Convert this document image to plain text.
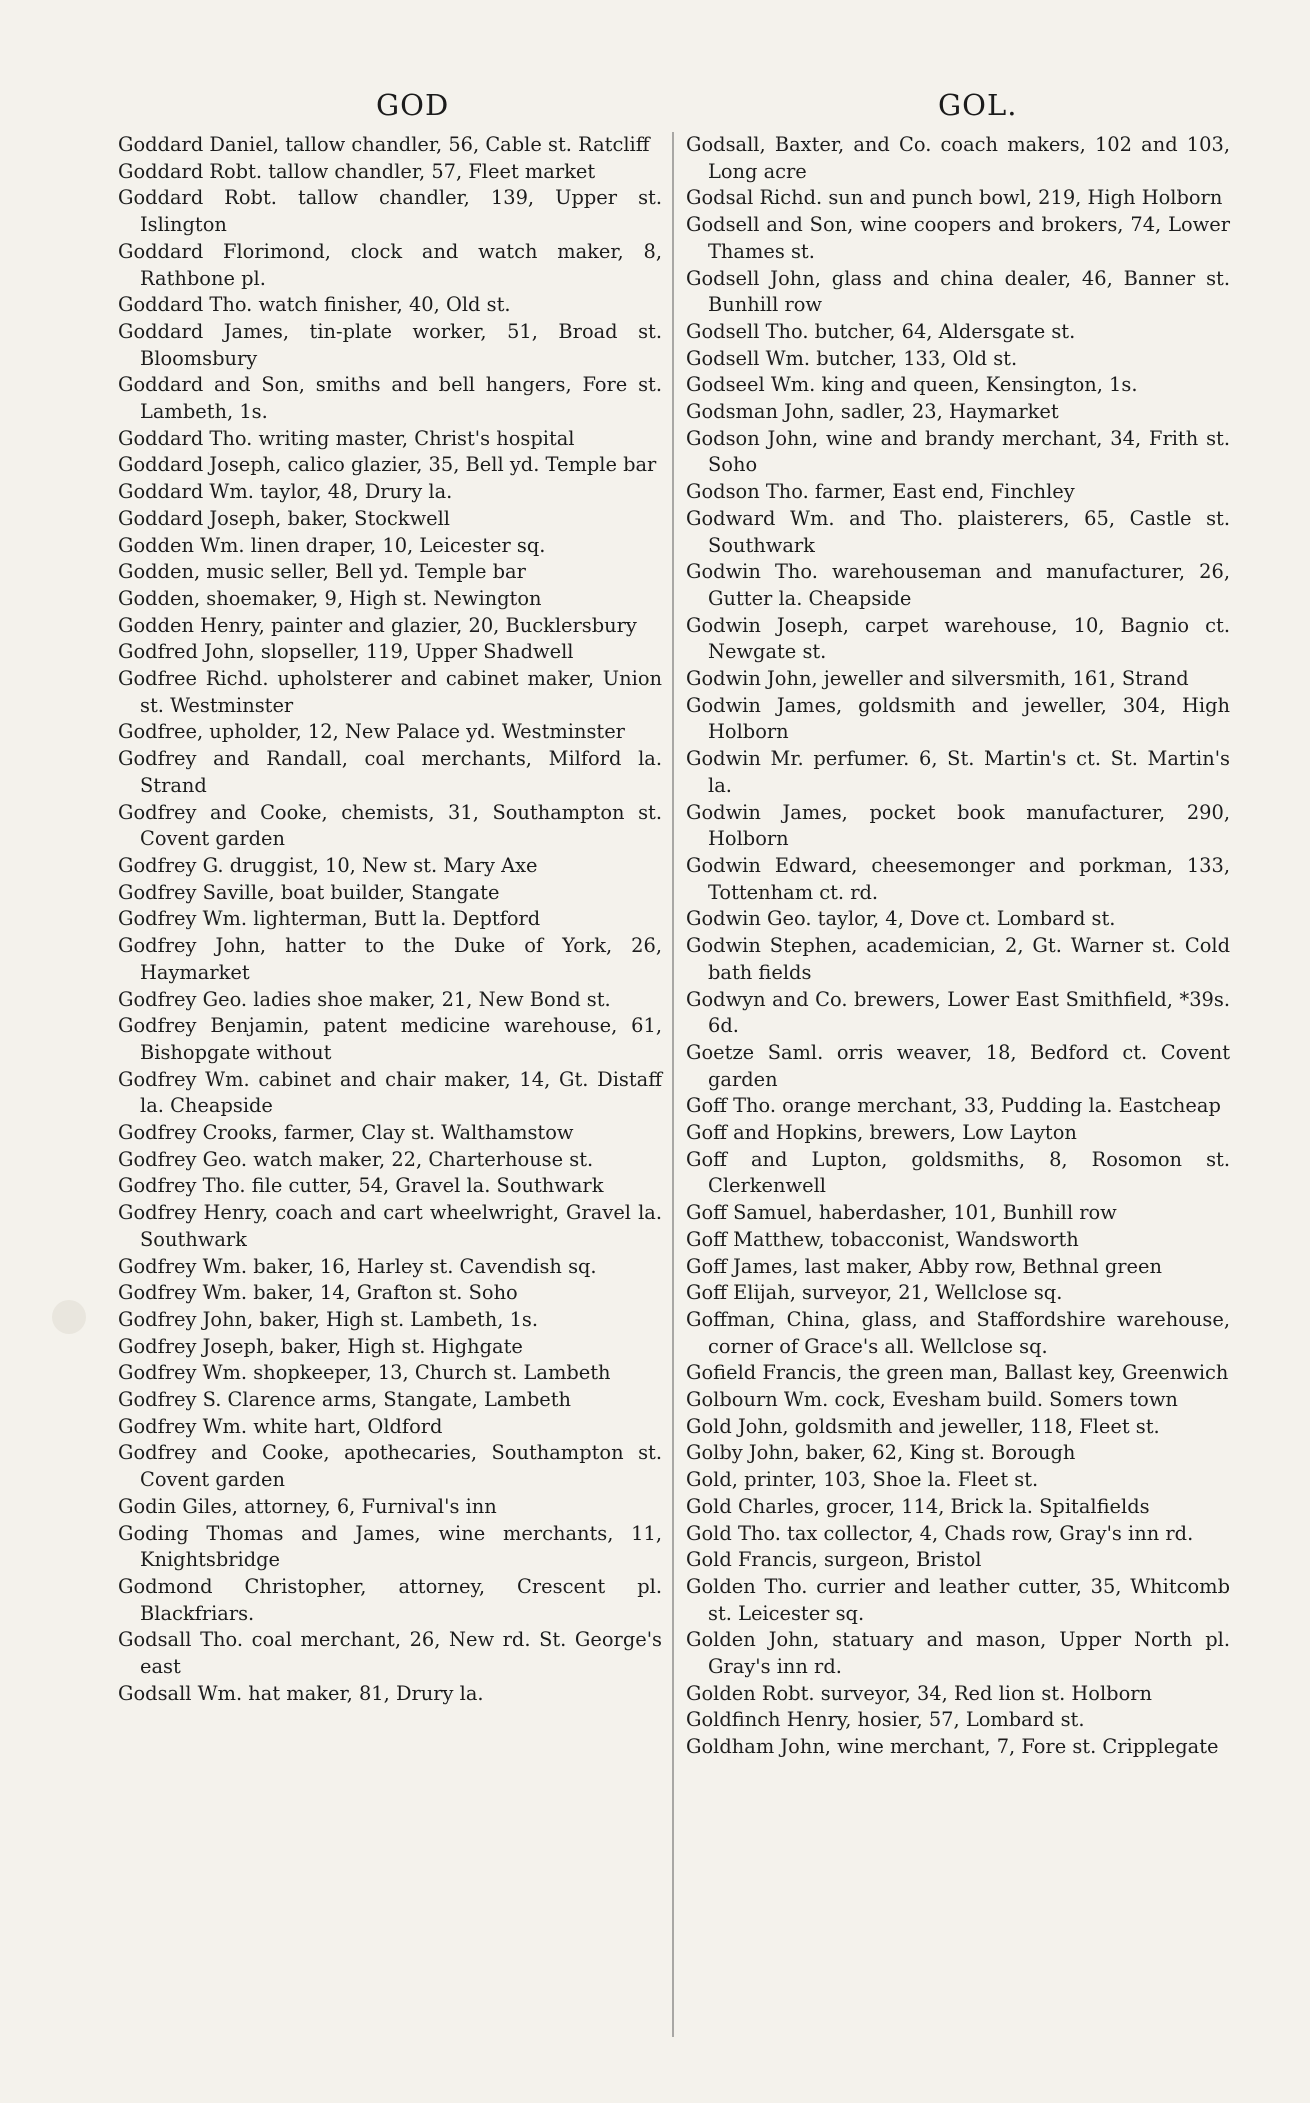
GOD	GOL.
Goddard Daniel, tallow chandler, 56, Cable st. Ratcliff
Goddard Robt. tallow chandler, 57, Fleet market
Goddard Robt. tallow chandler, 139, Upper st. Islington
Goddard Florimond, clock and watch maker, 8, Rathbone pl.
Goddard Tho. watch finisher, 40, Old st.
Goddard James, tin-plate worker, 51, Broad st. Bloomsbury
Goddard and Son, smiths and bell hangers, Fore st. Lambeth, 1s.
Goddard Tho. writing master, Christ's hospital
Goddard Joseph, calico glazier, 35, Bell yd. Temple bar
Goddard Wm. taylor, 48, Drury la.
Goddard Joseph, baker, Stockwell
Godden Wm. linen draper, 10, Leicester sq.
Godden, music seller, Bell yd. Temple bar
Godden, shoemaker, 9, High st. Newington
Godden Henry, painter and glazier, 20, Bucklersbury
Godfred John, slopseller, 119, Upper Shadwell
Godfree Richd. upholsterer and cabinet maker, Union st. Westminster
Godfree, upholder, 12, New Palace yd. Westminster
Godfrey and Randall, coal merchants, Milford la. Strand
Godfrey and Cooke, chemists, 31, Southampton st. Covent garden
Godfrey G. druggist, 10, New st. Mary Axe
Godfrey Saville, boat builder, Stangate
Godfrey Wm. lighterman, Butt la. Deptford
Godfrey John, hatter to the Duke of York, 26, Haymarket
Godfrey Geo. ladies shoe maker, 21, New Bond st.
Godfrey Benjamin, patent medicine warehouse, 61, Bishopgate without
Godfrey Wm. cabinet and chair maker, 14, Gt. Distaff la. Cheapside
Godfrey Crooks, farmer, Clay st. Walthamstow
Godfrey Geo. watch maker, 22, Charterhouse st.
Godfrey Tho. file cutter, 54, Gravel la. Southwark
Godfrey Henry, coach and cart wheelwright, Gravel la. Southwark
Godfrey Wm. baker, 16, Harley st. Cavendish sq.
Godfrey Wm. baker, 14, Grafton st. Soho
Godfrey John, baker, High st. Lambeth, 1s.
Godfrey Joseph, baker, High st. Highgate
Godfrey Wm. shopkeeper, 13, Church st. Lambeth
Godfrey S. Clarence arms, Stangate, Lambeth
Godfrey Wm. white hart, Oldford
Godfrey and Cooke, apothecaries, Southampton st. Covent garden
Godin Giles, attorney, 6, Furnival's inn
Goding Thomas and James, wine merchants, 11, Knightsbridge
Godmond Christopher, attorney, Crescent pl. Blackfriars.
Godsall Tho. coal merchant, 26, New rd. St. George's east
Godsall Wm. hat maker, 81, Drury la.
Godsall, Baxter, and Co. coach makers, 102 and 103, Long acre
Godsal Richd. sun and punch bowl, 219, High Holborn
Godsell and Son, wine coopers and brokers, 74, Lower Thames st.
Godsell John, glass and china dealer, 46, Banner st. Bunhill row
Godsell Tho. butcher, 64, Aldersgate st.
Godsell Wm. butcher, 133, Old st.
Godseel Wm. king and queen, Kensington, 1s.
Godsman John, sadler, 23, Haymarket
Godson John, wine and brandy merchant, 34, Frith st. Soho
Godson Tho. farmer, East end, Finchley
Godward Wm. and Tho. plaisterers, 65, Castle st. Southwark
Godwin Tho. warehouseman and manufacturer, 26, Gutter la. Cheapside
Godwin Joseph, carpet warehouse, 10, Bagnio ct. Newgate st.
Godwin John, jeweller and silversmith, 161, Strand
Godwin James, goldsmith and jeweller, 304, High Holborn
Godwin Mr. perfumer. 6, St. Martin's ct. St. Martin's la.
Godwin James, pocket book manufacturer, 290, Holborn
Godwin Edward, cheesemonger and porkman, 133, Tottenham ct. rd.
Godwin Geo. taylor, 4, Dove ct. Lombard st.
Godwin Stephen, academician, 2, Gt. Warner st. Cold bath fields
Godwyn and Co. brewers, Lower East Smithfield, *39s. 6d.
Goetze Saml. orris weaver, 18, Bedford ct. Covent garden
Goff Tho. orange merchant, 33, Pudding la. Eastcheap
Goff and Hopkins, brewers, Low Layton
Goff and Lupton, goldsmiths, 8, Rosomon st. Clerkenwell
Goff Samuel, haberdasher, 101, Bunhill row
Goff Matthew, tobacconist, Wandsworth
Goff James, last maker, Abby row, Bethnal green
Goff Elijah, surveyor, 21, Wellclose sq.
Goffman, China, glass, and Staffordshire warehouse, corner of Grace's all. Wellclose sq.
Gofield Francis, the green man, Ballast key, Greenwich
Golbourn Wm. cock, Evesham build. Somers town
Gold John, goldsmith and jeweller, 118, Fleet st.
Golby John, baker, 62, King st. Borough
Gold, printer, 103, Shoe la. Fleet st.
Gold Charles, grocer, 114, Brick la. Spitalfields
Gold Tho. tax collector, 4, Chads row, Gray's inn rd.
Gold Francis, surgeon, Bristol
Golden Tho. currier and leather cutter, 35, Whitcomb st. Leicester sq.
Golden John, statuary and mason, Upper North pl. Gray's inn rd.
Golden Robt. surveyor, 34, Red lion st. Holborn
Goldfinch Henry, hosier, 57, Lombard st.
Goldham John, wine merchant, 7, Fore st. Cripplegate
